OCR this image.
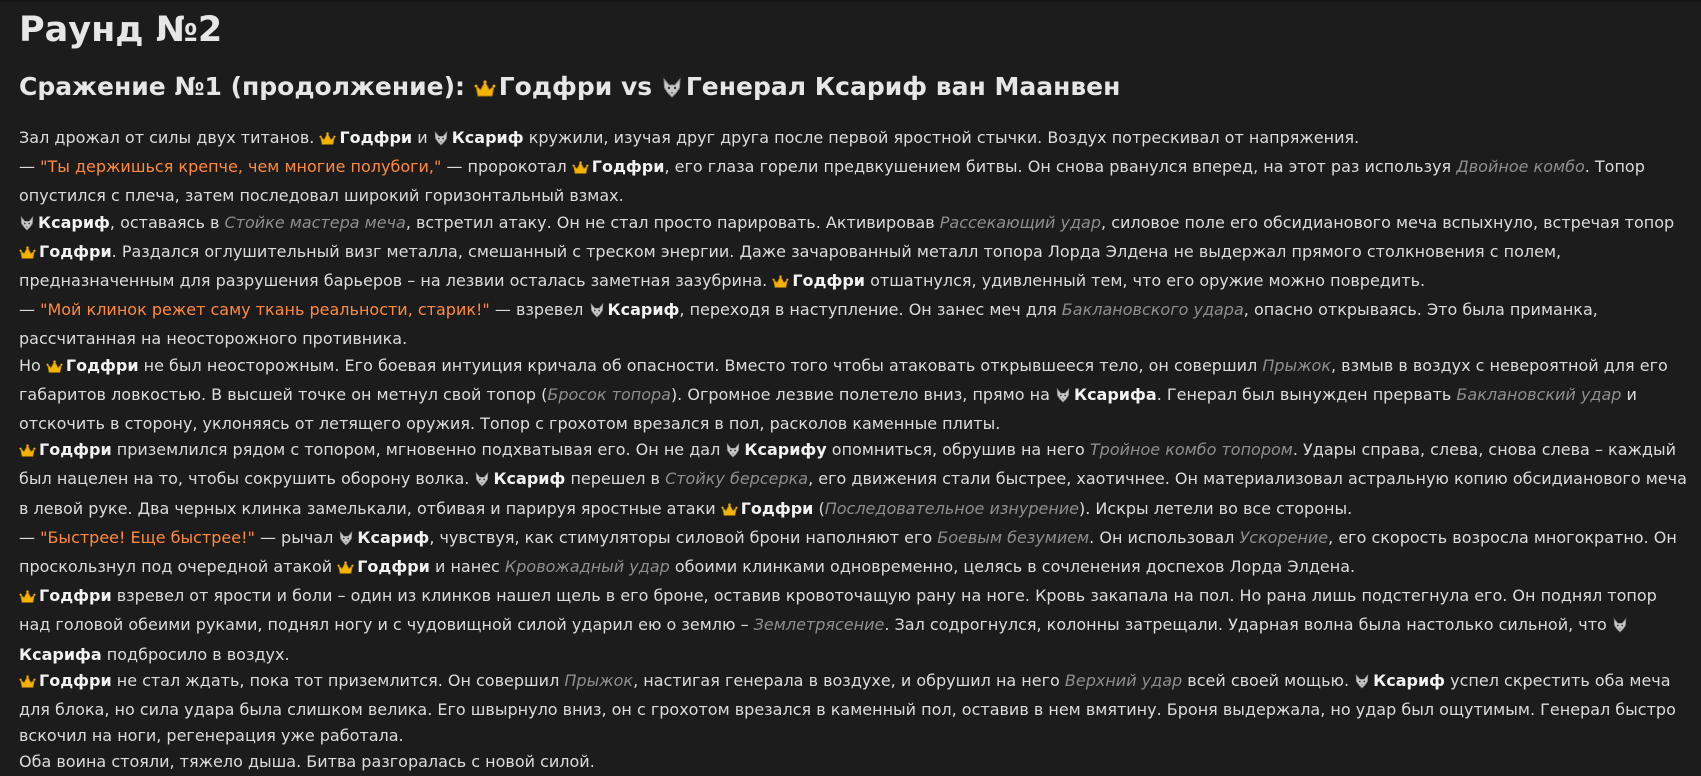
Раунд №2
Сражение №1 (продолжение): Годфри vs Генерал Ксариф ван Маанвен

Зал дрожал от силы двух титанов. Годфри и Ксариф кружили, изучая друг друга после первой яростной стычки. Воздух потрескивал от напряжения.

— "Ты держишься крепче, чем многие полубоги," — пророкотал Годфри, его глаза горели предвкушением битвы. Он снова рванулся вперед, на этот раз используя Двойное комбо. Топор опустился с плеча, затем последовал широкий горизонтальный взмах.

Ксариф, оставаясь в Стойке мастера меча, встретил атаку. Он не стал просто парировать. Активировав Рассекающий удар, силовое поле его обсидианового меча вспыхнуло, встречая топор Годфри. Раздался оглушительный визг металла, смешанный с треском энергии. Даже зачарованный металл топора Лорда Элдена не выдержал прямого столкновения с полем, предназначенным для разрушения барьеров – на лезвии осталась заметная зазубрина. Годфри отшатнулся, удивленный тем, что его оружие можно повредить.

— "Мой клинок режет саму ткань реальности, старик!" — взревел Ксариф, переходя в наступление. Он занес меч для Баклановского удара, опасно открываясь. Это была приманка, рассчитанная на неосторожного противника.

Но Годфри не был неосторожным. Его боевая интуиция кричала об опасности. Вместо того чтобы атаковать открывшееся тело, он совершил Прыжок, взмыв в воздух с невероятной для его габаритов ловкостью. В высшей точке он метнул свой топор (Бросок топора). Огромное лезвие полетело вниз, прямо на Ксарифа. Генерал был вынужден прервать Баклановский удар и отскочить в сторону, уклоняясь от летящего оружия. Топор с грохотом врезался в пол, расколов каменные плиты.

Годфри приземлился рядом с топором, мгновенно подхватывая его. Он не дал Ксарифу опомниться, обрушив на него Тройное комбо топором. Удары справа, слева, снова слева – каждый был нацелен на то, чтобы сокрушить оборону волка. Ксариф перешел в Стойку берсерка, его движения стали быстрее, хаотичнее. Он материализовал астральную копию обсидианового меча в левой руке. Два черных клинка замелькали, отбивая и парируя яростные атаки Годфри (Последовательное изнурение). Искры летели во все стороны.

— "Быстрее! Еще быстрее!" — рычал Ксариф, чувствуя, как стимуляторы силовой брони наполняют его Боевым безумием. Он использовал Ускорение, его скорость возросла многократно. Он проскользнул под очередной атакой Годфри и нанес Кровожадный удар обоими клинками одновременно, целясь в сочленения доспехов Лорда Элдена.

Годфри взревел от ярости и боли – один из клинков нашел щель в его броне, оставив кровоточащую рану на ноге. Кровь закапала на пол. Но рана лишь подстегнула его. Он поднял топор над головой обеими руками, поднял ногу и с чудовищной силой ударил ею о землю – Землетрясение. Зал содрогнулся, колонны затрещали. Ударная волна была настолько сильной, что Ксарифа подбросило в воздух.

Годфри не стал ждать, пока тот приземлится. Он совершил Прыжок, настигая генерала в воздухе, и обрушил на него Верхний удар всей своей мощью. Ксариф успел скрестить оба меча для блока, но сила удара была слишком велика. Его швырнуло вниз, он с грохотом врезался в каменный пол, оставив в нем вмятину. Броня выдержала, но удар был ощутимым. Генерал быстро вскочил на ноги, регенерация уже работала.

Оба воина стояли, тяжело дыша. Битва разгоралась с новой силой.
